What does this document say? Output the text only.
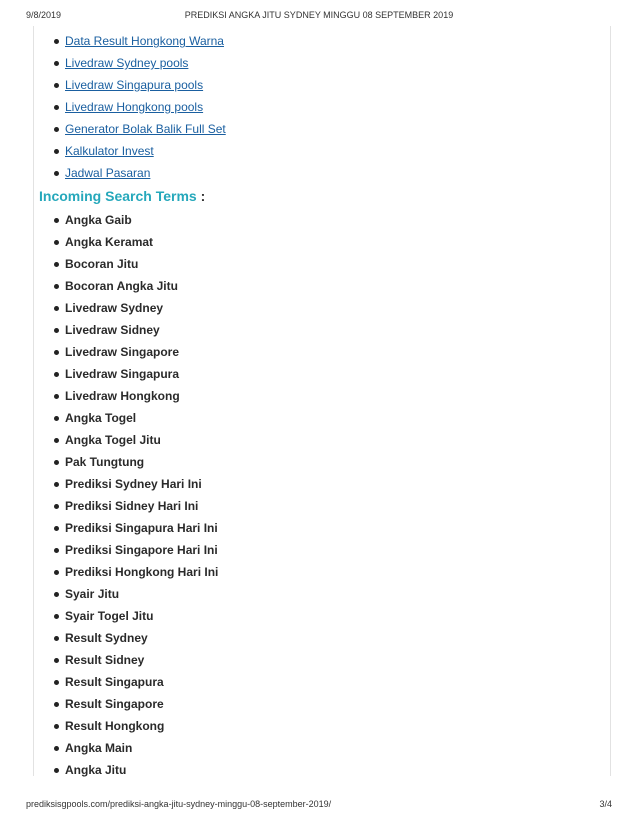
9/8/2019	PREDIKSI ANGKA JITU SYDNEY MINGGU 08 SEPTEMBER 2019
Data Result Hongkong Warna
Livedraw Sydney pools
Livedraw Singapura pools
Livedraw Hongkong pools
Generator Bolak Balik Full Set
Kalkulator Invest
Jadwal Pasaran
Incoming Search Terms :
Angka Gaib
Angka Keramat
Bocoran Jitu
Bocoran Angka Jitu
Livedraw Sydney
Livedraw Sidney
Livedraw Singapore
Livedraw Singapura
Livedraw Hongkong
Angka Togel
Angka Togel Jitu
Pak Tungtung
Prediksi Sydney Hari Ini
Prediksi Sidney Hari Ini
Prediksi Singapura Hari Ini
Prediksi Singapore Hari Ini
Prediksi Hongkong Hari Ini
Syair Jitu
Syair Togel Jitu
Result Sydney
Result Sidney
Result Singapura
Result Singapore
Result Hongkong
Angka Main
Angka Jitu
prediksisgpools.com/prediksi-angka-jitu-sydney-minggu-08-september-2019/	3/4
